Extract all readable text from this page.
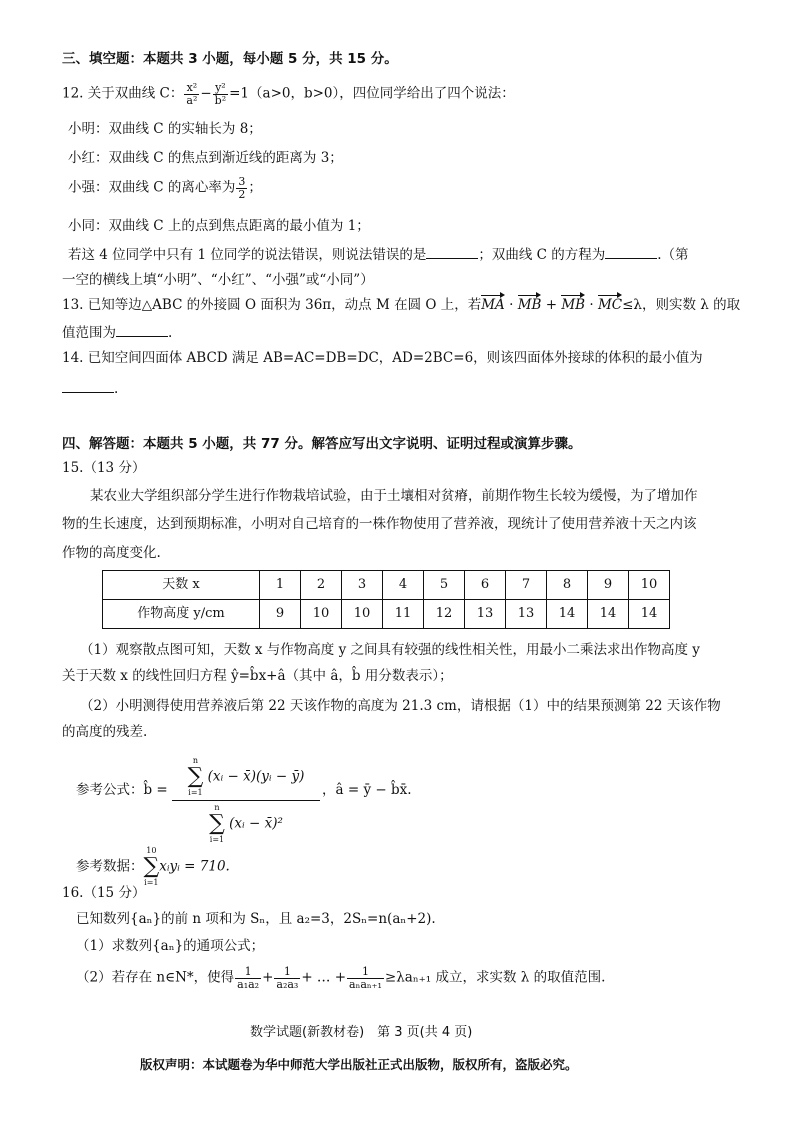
三、填空题：本题共 3 小题，每小题 5 分，共 15 分。
12. 关于双曲线 C： $\frac{\text{x²}}{\text{a²}} - \frac{\text{y²}}{\text{b²}} =1(a>0$，b>0），四位同学给出了四个说法：
小明：双曲线 C 的实轴长为 8；
小红：双曲线 C 的焦点到渐近线的距离为 3；
小强：双曲线 C 的离心率为 $\frac{3}{2}$ ；
小同：双曲线 C 上的点到焦点距离的最小值为 1；
若这 4 位同学中只有 1 位同学的说法错误，则说法错误的是	；双曲线 C 的方程为	.（第
一空的横线上填“小明”、“小红”、“小强”或“小同”）
13. 已知等边△ABC 的外接圆 O 面积为 36π，动点 M 在圆 O 上，若MA · MB + MB · MC≤λ，则实数 λ 的取
值范围为	.
14. 已知空间四面体 ABCD 满足 AB=AC=DB=DC，AD=2BC=6，则该四面体外接球的体积的最小值为
.
四、解答题：本题共 5 小题，共 77 分。解答应写出文字说明、证明过程或演算步骤。
15.（13 分）
某农业大学组织部分学生进行作物栽培试验，由于土壤相对贫瘠，前期作物生长较为缓慢，为了增加作
物的生长速度，达到预期标准，小明对自己培育的一株作物使用了营养液，现统计了使用营养液十天之内该
作物的高度变化.
天数 x	1	2	3	4	5	6	7	8	9	10
作物高度 y/cm	9	10	10	11	12	13	13	14	14	14
（1）观察散点图可知，天数 x 与作物高度 y 之间具有较强的线性相关性，用最小二乘法求出作物高度 y
关于天数 x 的线性回归方程 ŷ=b̂x+â（其中 â，b̂ 用分数表示）；
（2）小明测得使用营养液后第 22 天该作物的高度为 21.3 cm，请根据（1）中的结果预测第 22 天该作物
的高度的残差.
参考公式：b̂ = n
∑
i=1
(xᵢ − x̄)(yᵢ − ȳ)
n
∑
i=1
(xᵢ − x̄)² ，â = ȳ − b̂x̄.
参考数据：
10
∑
i=1
xᵢyᵢ = 710.
16.（15 分）
已知数列{aₙ}的前 n 项和为 Sₙ，且 a₂=3，2Sₙ=n(aₙ+2).
（1）求数列{aₙ}的通项公式；
（2）若存在 n∈N*，使得 $\frac{1}{\text{a₁a₂}} + \frac{1}{\text{a₂a₃}}$ + … + $\frac{1}{\text{aₙaₙ₊₁}} \ge\lambda a_{n+1}$ 成立，求实数 λ 的取值范围.
数学试题(新教材卷)　第 3 页(共 4 页)
版权声明：本试题卷为华中师范大学出版社正式出版物，版权所有，盗版必究。
